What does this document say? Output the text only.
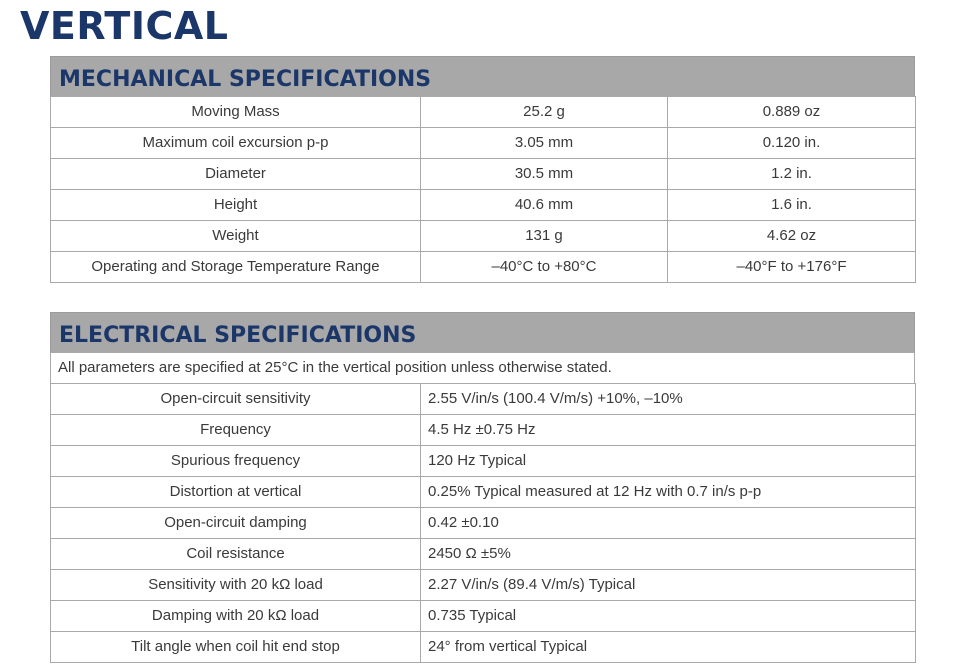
VERTICAL
MECHANICAL SPECIFICATIONS
Moving Mass	25.2 g	0.889 oz
Maximum coil excursion p-p	3.05 mm	0.120 in.
Diameter	30.5 mm	1.2 in.
Height	40.6 mm	1.6 in.
Weight	131 g	4.62 oz
Operating and Storage Temperature Range	–40°C to +80°C	–40°F to +176°F
ELECTRICAL SPECIFICATIONS
All parameters are specified at 25°C in the vertical position unless otherwise stated.
Open-circuit sensitivity	2.55 V/in/s (100.4 V/m/s) +10%, –10%
Frequency	4.5 Hz ±0.75 Hz
Spurious frequency	120 Hz Typical
Distortion at vertical	0.25% Typical measured at 12 Hz with 0.7 in/s p-p
Open-circuit damping	0.42 ±0.10
Coil resistance	2450 Ω ±5%
Sensitivity with 20 kΩ load	2.27 V/in/s (89.4 V/m/s) Typical
Damping with 20 kΩ load	0.735 Typical
Tilt angle when coil hit end stop	24° from vertical Typical
